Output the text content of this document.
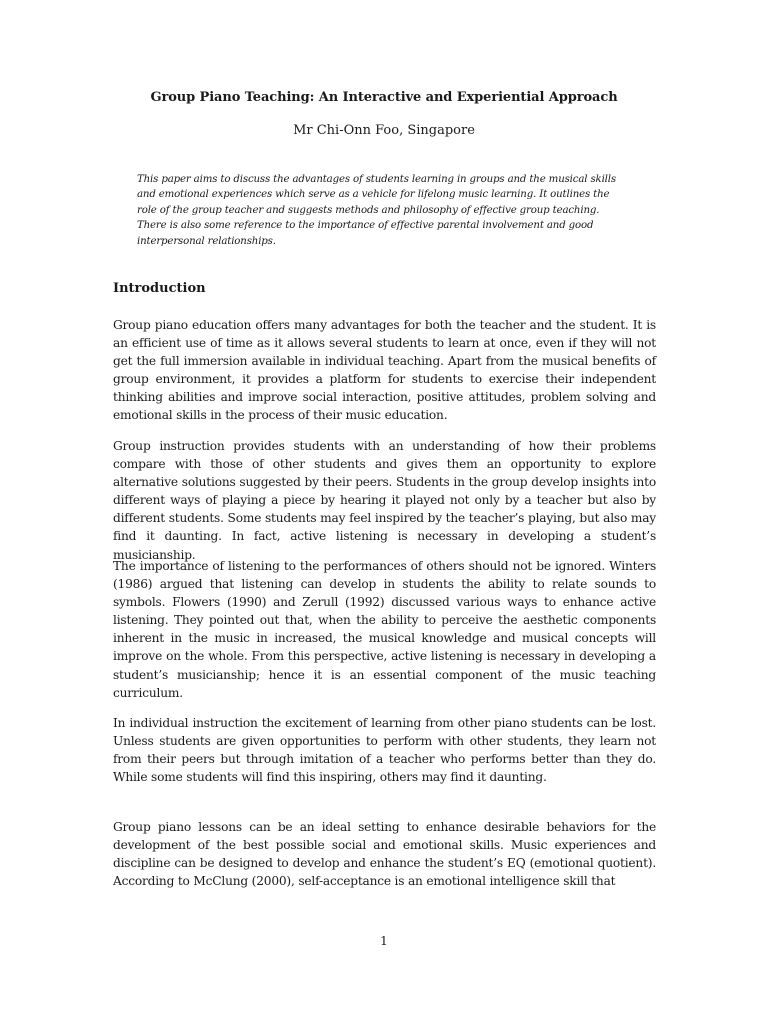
Group Piano Teaching: An Interactive and Experiential Approach
Mr Chi-Onn Foo, Singapore
This paper aims to discuss the advantages of students learning in groups and the musical skills and emotional experiences which serve as a vehicle for lifelong music learning. It outlines the role of the group teacher and suggests methods and philosophy of effective group teaching. There is also some reference to the importance of effective parental involvement and good interpersonal relationships.
Introduction
Group piano education offers many advantages for both the teacher and the student. It is an efficient use of time as it allows several students to learn at once, even if they will not get the full immersion available in individual teaching. Apart from the musical benefits of group environment, it provides a platform for students to exercise their independent thinking abilities and improve social interaction, positive attitudes, problem solving and emotional skills in the process of their music education.
Group instruction provides students with an understanding of how their problems compare with those of other students and gives them an opportunity to explore alternative solutions suggested by their peers. Students in the group develop insights into different ways of playing a piece by hearing it played not only by a teacher but also by different students. Some students may feel inspired by the teacher’s playing, but also may find it daunting. In fact, active listening is necessary in developing a student’s musicianship.
The importance of listening to the performances of others should not be ignored. Winters (1986) argued that listening can develop in students the ability to relate sounds to symbols. Flowers (1990) and Zerull (1992) discussed various ways to enhance active listening. They pointed out that, when the ability to perceive the aesthetic components inherent in the music in increased, the musical knowledge and musical concepts will improve on the whole. From this perspective, active listening is necessary in developing a student’s musicianship; hence it is an essential component of the music teaching curriculum.
In individual instruction the excitement of learning from other piano students can be lost. Unless students are given opportunities to perform with other students, they learn not from their peers but through imitation of a teacher who performs better than they do. While some students will find this inspiring, others may find it daunting.
Group piano lessons can be an ideal setting to enhance desirable behaviors for the development of the best possible social and emotional skills. Music experiences and discipline can be designed to develop and enhance the student’s EQ (emotional quotient). According to McClung (2000), self-acceptance is an emotional intelligence skill that
1
